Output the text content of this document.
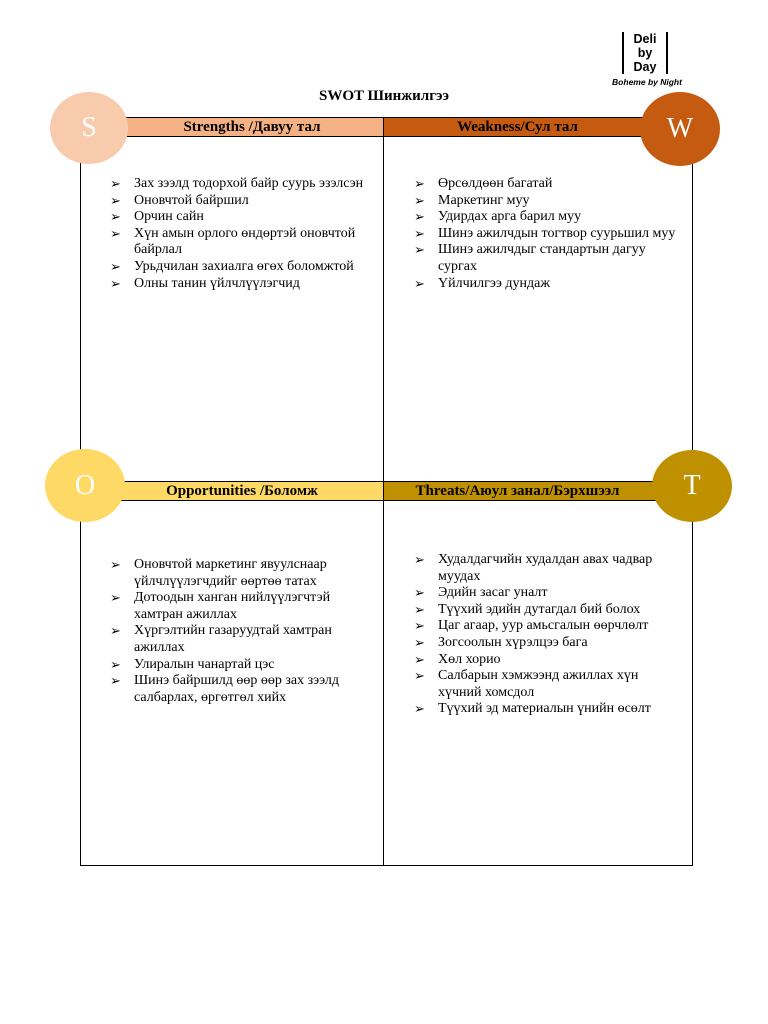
Deli
by
Day
Boheme by Night
SWOT Шинжилгээ
Strengths /Давуу тал	Weakness/Сул тал
Opportunities /Боломж	Threats/Аюул занал/Бэрхшээл
S	W
O	T
➢ Зах зээлд тодорхой байр суурь эзэлсэн
➢ Оновчтой байршил
➢ Орчин сайн
➢ Хүн амын орлого өндөртэй оновчтой байрлал
➢ Урьдчилан захиалга өгөх боломжтой
➢ Олны танин үйлчлүүлэгчид
➢ Өрсөлдөөн багатай
➢ Маркетинг муу
➢ Удирдах арга барил муу
➢ Шинэ ажилчдын тогтвор суурьшил муу
➢ Шинэ ажилчдыг стандартын дагуу сургах
➢ Үйлчилгээ дундаж
➢ Оновчтой маркетинг явуулснаар үйлчлүүлэгчдийг өөртөө татах
➢ Дотоодын ханган нийлүүлэгчтэй хамтран ажиллах
➢ Хүргэлтийн газаруудтай хамтран ажиллах
➢ Улиралын чанартай цэс
➢ Шинэ байршилд өөр өөр зах зээлд салбарлах, өргөтгөл хийх
➢ Худалдагчийн худалдан авах чадвар муудах
➢ Эдийн засаг уналт
➢ Түүхий эдийн дутагдал бий болох
➢ Цаг агаар, уур амьсгалын өөрчлөлт
➢ Зогсоолын хүрэлцээ бага
➢ Хөл хорио
➢ Салбарын хэмжээнд ажиллах хүн хүчний хомсдол
➢ Түүхий эд материалын үнийн өсөлт
